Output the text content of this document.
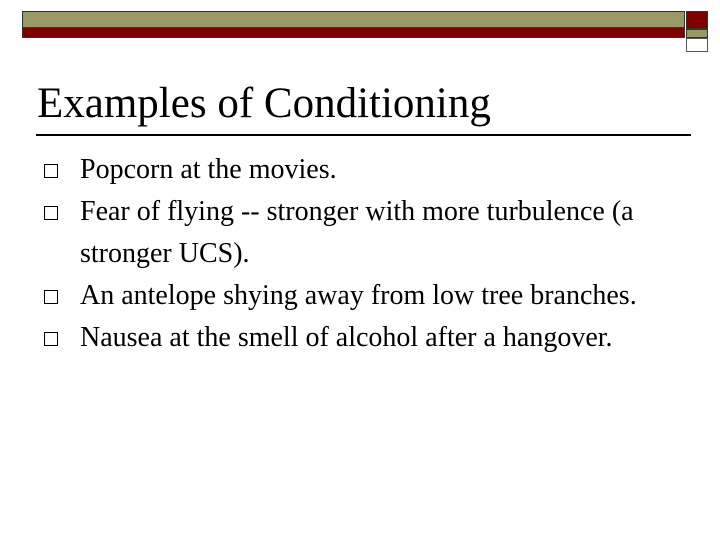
Examples of Conditioning
Popcorn at the movies.
Fear of flying -- stronger with more turbulence (a stronger UCS).
An antelope shying away from low tree branches.
Nausea at the smell of alcohol after a hangover.
